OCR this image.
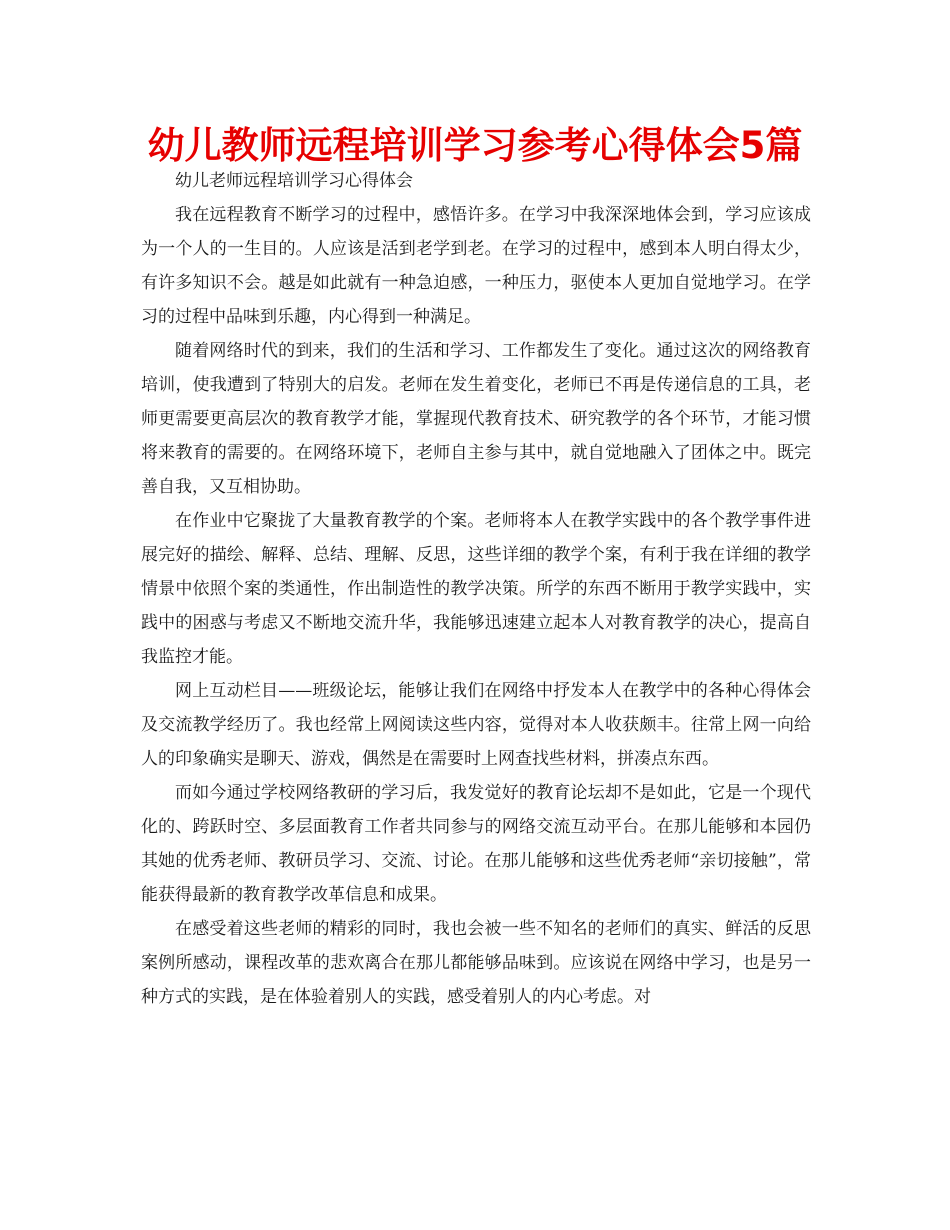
幼儿教师远程培训学习参考心得体会5篇

幼儿老师远程培训学习心得体会

我在远程教育不断学习的过程中，感悟许多。在学习中我深深地体会到，学习应该成为一个人的一生目的。人应该是活到老学到老。在学习的过程中，感到本人明白得太少，有许多知识不会。越是如此就有一种急迫感，一种压力，驱使本人更加自觉地学习。在学习的过程中品味到乐趣，内心得到一种满足。

随着网络时代的到来，我们的生活和学习、工作都发生了变化。通过这次的网络教育培训，使我遭到了特别大的启发。老师在发生着变化，老师已不再是传递信息的工具，老师更需要更高层次的教育教学才能，掌握现代教育技术、研究教学的各个环节，才能习惯将来教育的需要的。在网络环境下，老师自主参与其中，就自觉地融入了团体之中。既完善自我，又互相协助。

在作业中它聚拢了大量教育教学的个案。老师将本人在教学实践中的各个教学事件进展完好的描绘、解释、总结、理解、反思，这些详细的教学个案，有利于我在详细的教学情景中依照个案的类通性，作出制造性的教学决策。所学的东西不断用于教学实践中，实践中的困惑与考虑又不断地交流升华，我能够迅速建立起本人对教育教学的决心，提高自我监控才能。

网上互动栏目——班级论坛，能够让我们在网络中抒发本人在教学中的各种心得体会及交流教学经历了。我也经常上网阅读这些内容，觉得对本人收获颇丰。往常上网一向给人的印象确实是聊天、游戏，偶然是在需要时上网查找些材料，拼凑点东西。

而如今通过学校网络教研的学习后，我发觉好的教育论坛却不是如此，它是一个现代化的、跨跃时空、多层面教育工作者共同参与的网络交流互动平台。在那儿能够和本园仍其她的优秀老师、教研员学习、交流、讨论。在那儿能够和这些优秀老师“亲切接触”，常能获得最新的教育教学改革信息和成果。

在感受着这些老师的精彩的同时，我也会被一些不知名的老师们的真实、鲜活的反思案例所感动，课程改革的悲欢离合在那儿都能够品味到。应该说在网络中学习，也是另一种方式的实践，是在体验着别人的实践，感受着别人的内心考虑。对
